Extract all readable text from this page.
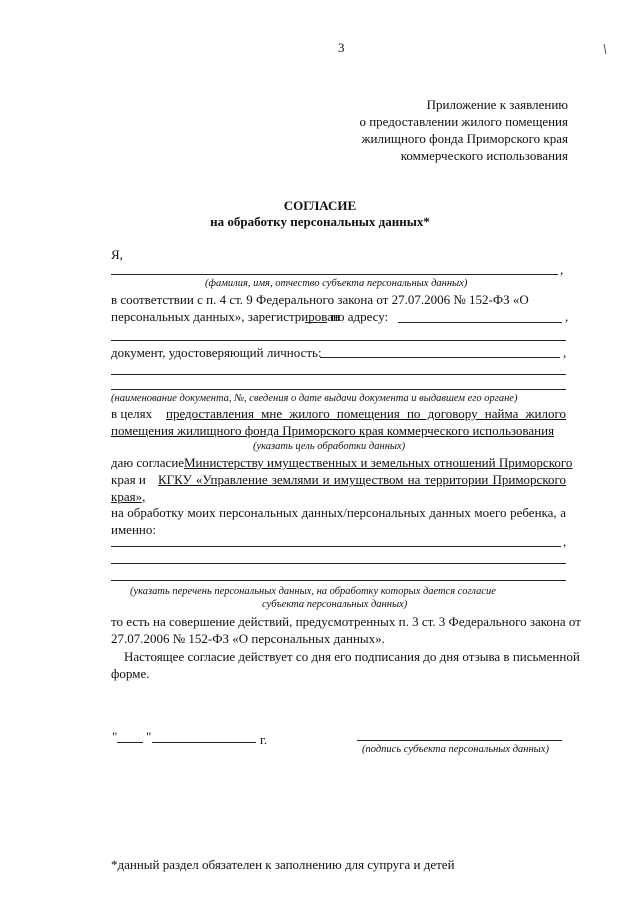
3
Приложение к заявлению
о предоставлении жилого помещения
жилищного фонда Приморского края
коммерческого использования
СОГЛАСИЕ
на обработку персональных данных*
Я,
,
(фамилия, имя, отчество субъекта персональных данных)
в соответствии с п. 4 ст. 9 Федерального закона от 27.07.2006 № 152-ФЗ «О
персональных данных», зарегистрирован
по адресу:	,
документ, удостоверяющий личность:	,
(наименование документа, №, сведения о дате выдачи документа и выдавшем его органе)
в целях предоставления мне жилого помещения по договору найма жилого
помещения жилищного фонда Приморского края коммерческого использования
(указать цель обработки данных)
даю согласие Министерству имущественных и земельных отношений Приморского
края и КГКУ «Управление землями и имуществом на территории Приморского
края»,
на обработку моих персональных данных/персональных данных моего ребенка, а
именно:
,
(указать перечень персональных данных, на обработку которых дается согласие
субъекта персональных данных)
то есть на совершение действий, предусмотренных п. 3 ст. 3 Федерального закона от
27.07.2006 № 152-ФЗ «О персональных данных».
Настоящее согласие действует со дня его подписания до дня отзыва в письменной
форме.
" "	г.
(подпись субъекта персональных данных)
*данный раздел обязателен к заполнению для супруга и детей
